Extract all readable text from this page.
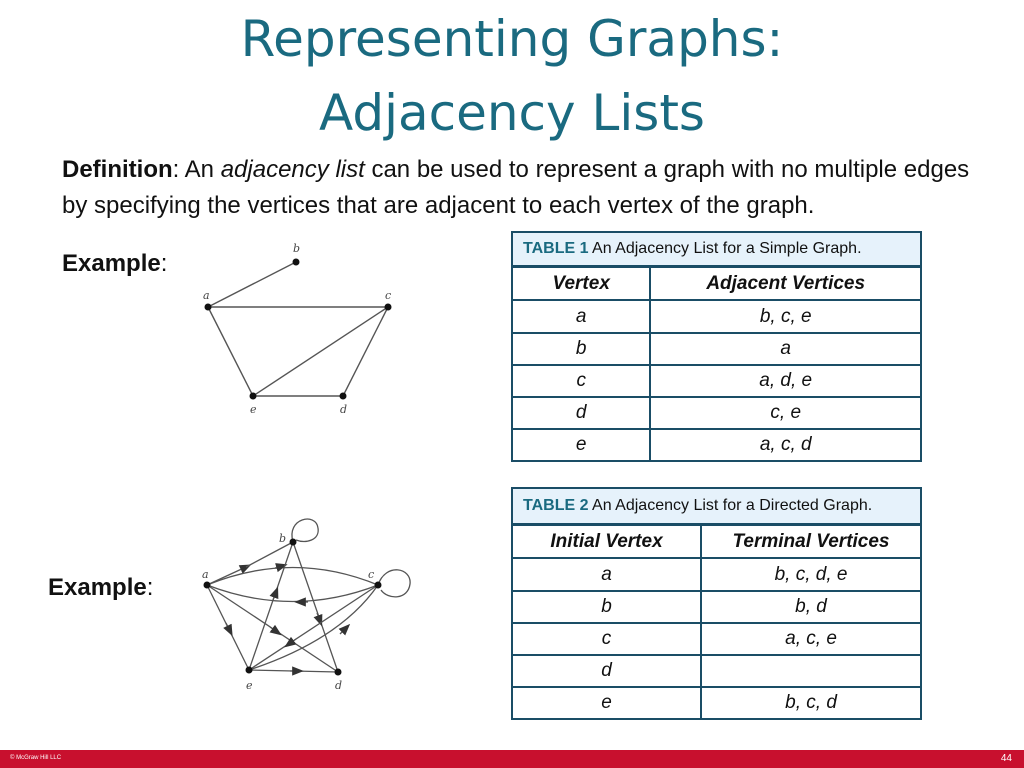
Representing Graphs:
Adjacency Lists
Definition: An adjacency list can be used to represent a graph with no multiple edges by specifying the vertices that are adjacent to each vertex of the graph.
Example:
a
b
c
d
e
TABLE 1 An Adjacency List for a Simple Graph.
Vertex	Adjacent Vertices
a	b, c, e
b	a
c	a, d, e
d	c, e
e	a, c, d
Example:	a
b
c
d
e
TABLE 2 An Adjacency List for a Directed Graph.
Initial Vertex	Terminal Vertices
a	b, c, d, e
b	b, d
c	a, c, e
d	
e	b, c, d
© McGraw Hill LLC	44
